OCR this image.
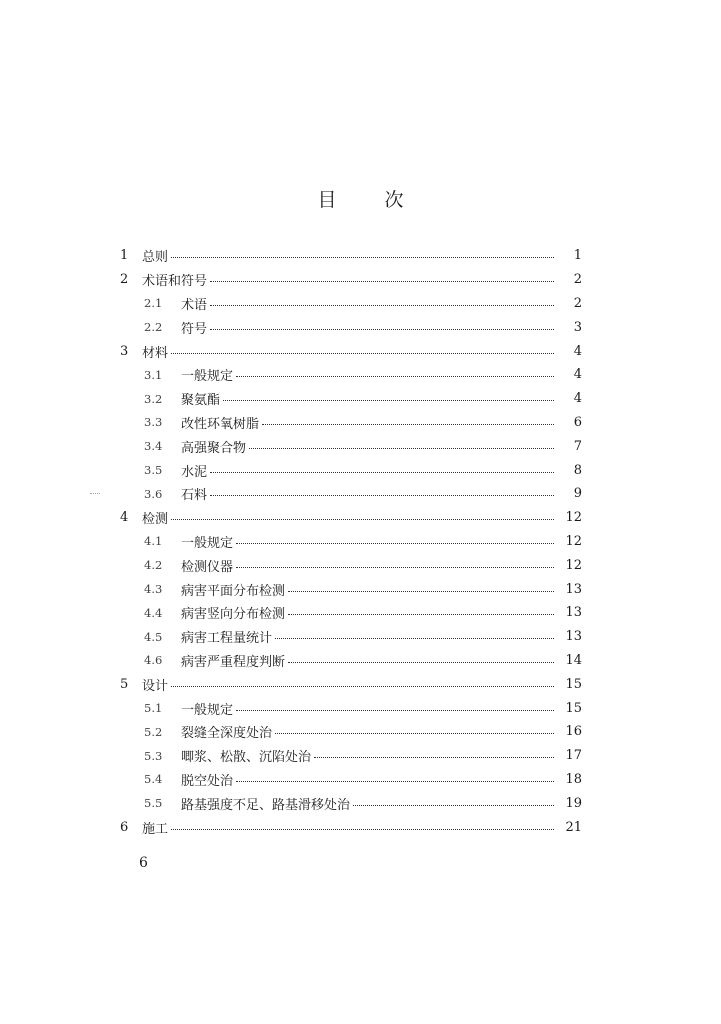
目	次
1	总则	1
2	术语和符号	2
2.1	术语	2
2.2	符号	3
3	材料	4
3.1	一般规定	4
3.2	聚氨酯	4
3.3	改性环氧树脂	6
3.4	高强聚合物	7
3.5	水泥	8
3.6	石料	9
4	检测	12
4.1	一般规定	12
4.2	检测仪器	12
4.3	病害平面分布检测	13
4.4	病害竖向分布检测	13
4.5	病害工程量统计	13
4.6	病害严重程度判断	14
5	设计	15
5.1	一般规定	15
5.2	裂缝全深度处治	16
5.3	唧浆、松散、沉陷处治	17
5.4	脱空处治	18
5.5	路基强度不足、路基滑移处治	19
6	施工	21
6
